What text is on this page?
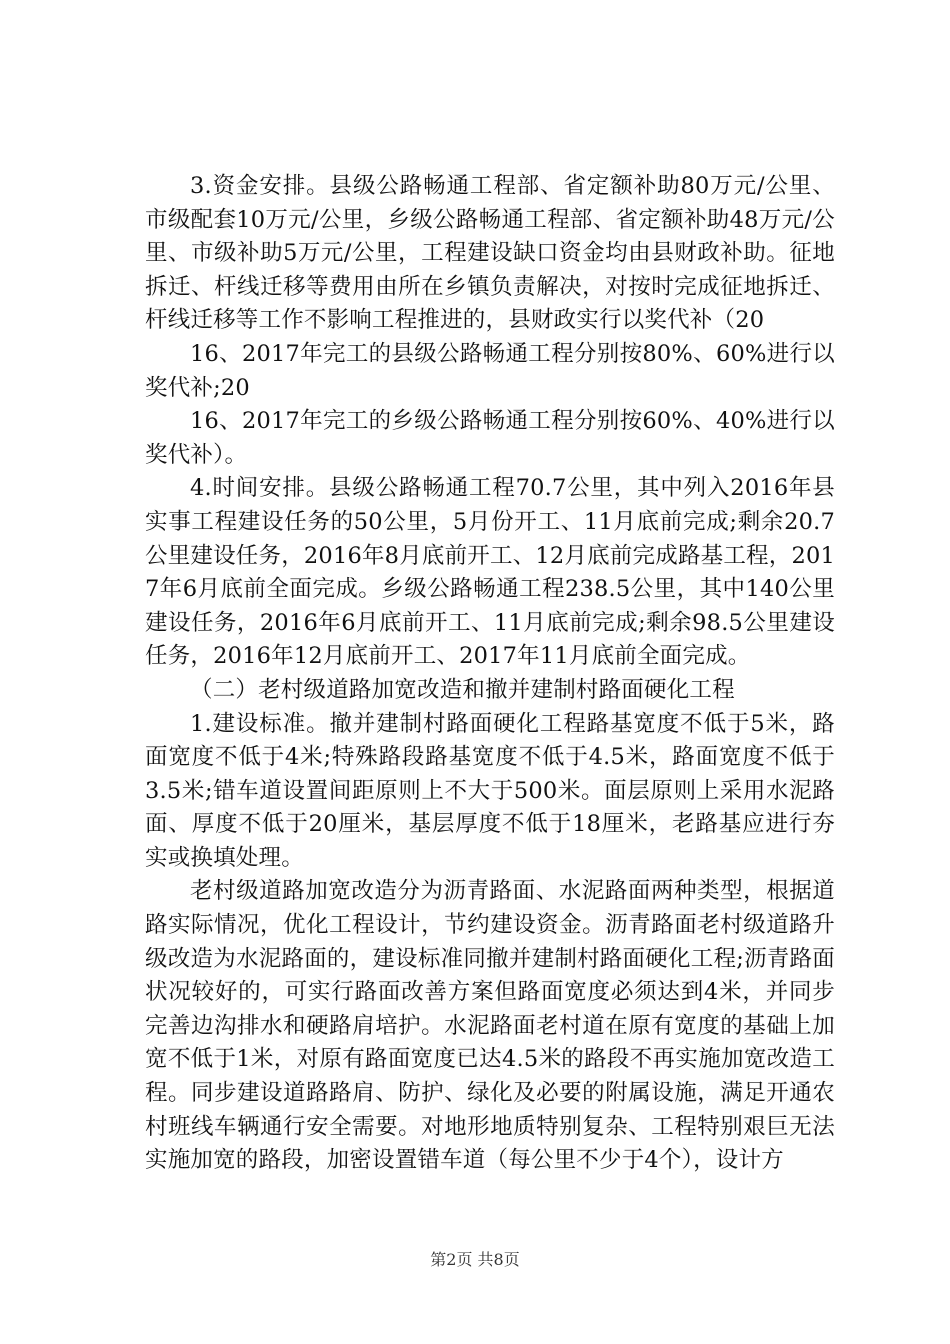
3.资金安排。县级公路畅通工程部、省定额补助80万元/公里、市级配套10万元/公里，乡级公路畅通工程部、省定额补助48万元/公里、市级补助5万元/公里，工程建设缺口资金均由县财政补助。征地拆迁、杆线迁移等费用由所在乡镇负责解决，对按时完成征地拆迁、杆线迁移等工作不影响工程推进的，县财政实行以奖代补（20

16、2017年完工的县级公路畅通工程分别按80%、60%进行以奖代补;20

16、2017年完工的乡级公路畅通工程分别按60%、40%进行以奖代补）。

4.时间安排。县级公路畅通工程70.7公里，其中列入2016年县实事工程建设任务的50公里，5月份开工、11月底前完成;剩余20.7公里建设任务，2016年8月底前开工、12月底前完成路基工程，2017年6月底前全面完成。乡级公路畅通工程238.5公里，其中140公里建设任务，2016年6月底前开工、11月底前完成;剩余98.5公里建设任务，2016年12月底前开工、2017年11月底前全面完成。

（二）老村级道路加宽改造和撤并建制村路面硬化工程

1.建设标准。撤并建制村路面硬化工程路基宽度不低于5米，路面宽度不低于4米;特殊路段路基宽度不低于4.5米，路面宽度不低于3.5米;错车道设置间距原则上不大于500米。面层原则上采用水泥路面、厚度不低于20厘米，基层厚度不低于18厘米，老路基应进行夯实或换填处理。

老村级道路加宽改造分为沥青路面、水泥路面两种类型，根据道路实际情况，优化工程设计，节约建设资金。沥青路面老村级道路升级改造为水泥路面的，建设标准同撤并建制村路面硬化工程;沥青路面状况较好的，可实行路面改善方案但路面宽度必须达到4米，并同步完善边沟排水和硬路肩培护。水泥路面老村道在原有宽度的基础上加宽不低于1米，对原有路面宽度已达4.5米的路段不再实施加宽改造工程。同步建设道路路肩、防护、绿化及必要的附属设施，满足开通农村班线车辆通行安全需要。对地形地质特别复杂、工程特别艰巨无法实施加宽的路段，加密设置错车道（每公里不少于4个），设计方

第2页 共8页
